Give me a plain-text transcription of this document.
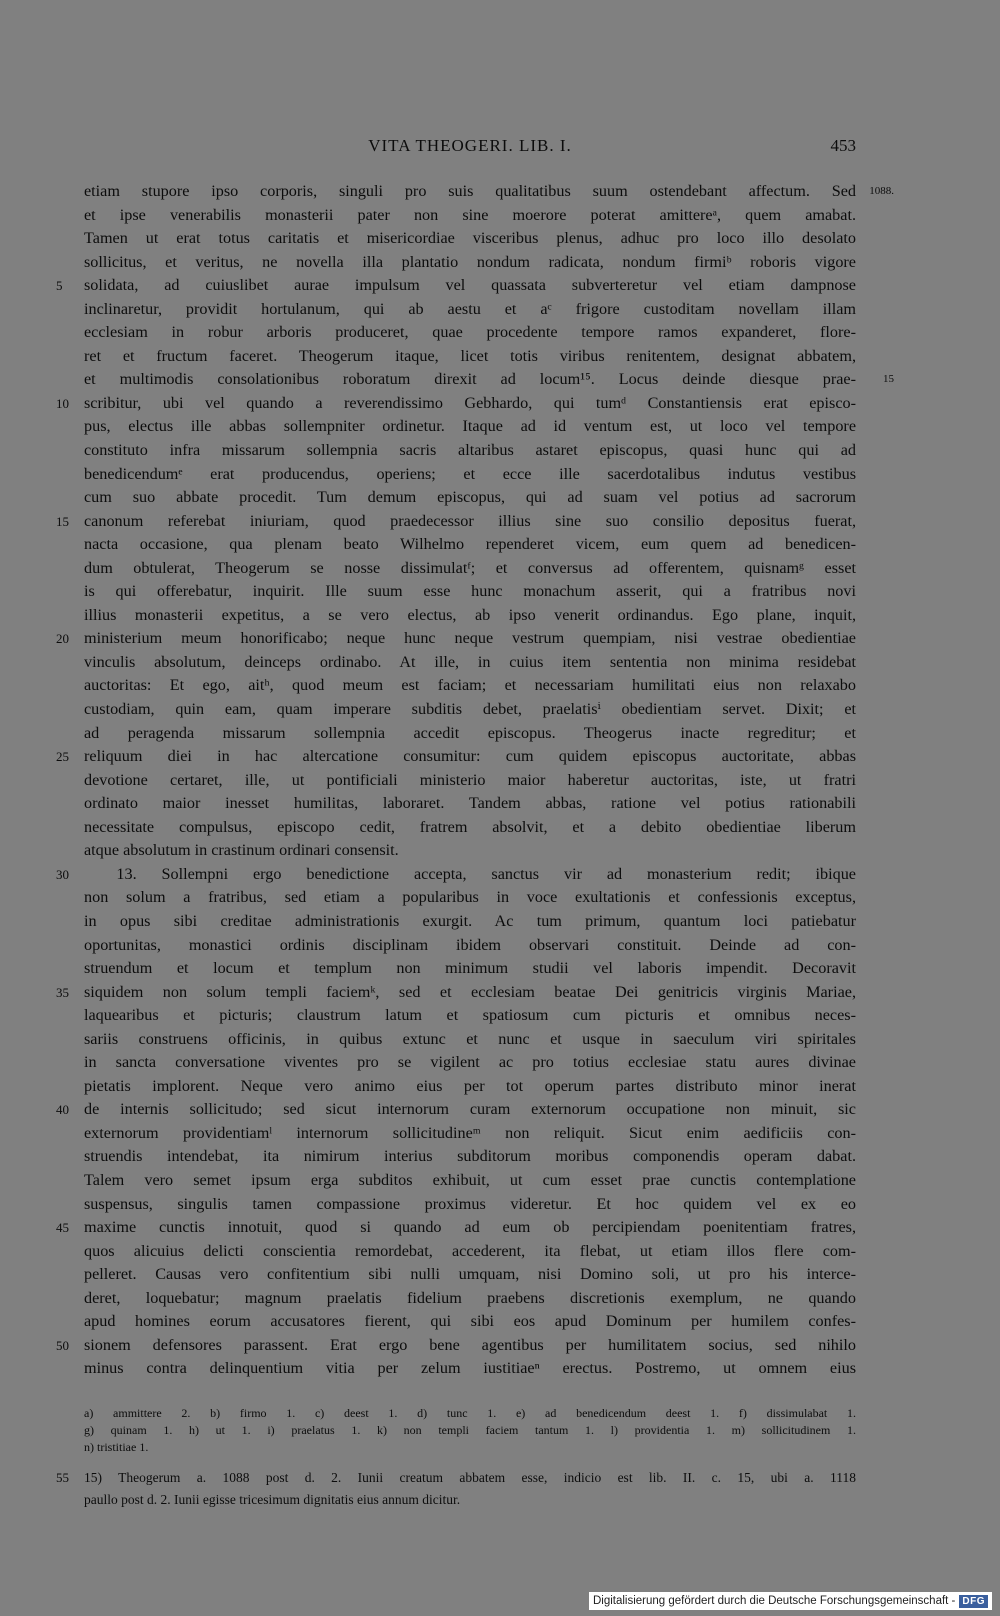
VITA THEOGERI. LIB. I.	453
etiam stupore ipso corporis, singuli pro suis qualitatibus suum ostendebant affectum. Sed 1088.
et ipse venerabilis monasterii pater non sine moerore poterat amittereᵃ, quem amabat.
Tamen ut erat totus caritatis et misericordiae visceribus plenus, adhuc pro loco illo desolato
sollicitus, et veritus, ne novella illa plantatio nondum radicata, nondum firmiᵇ roboris vigore
solidata, ad cuiuslibet aurae impulsum vel quassata subverteretur vel etiam dampnose
5
inclinaretur, providit hortulanum, qui ab aestu et aᶜ frigore custoditam novellam illam
ecclesiam in robur arboris produceret, quae procedente tempore ramos expanderet, flore-
ret et fructum faceret. Theogerum itaque, licet totis viribus renitentem, designat abbatem,
et multimodis consolationibus roboratum direxit ad locum¹⁵. Locus deinde diesque prae- 15
scribitur, ubi vel quando a reverendissimo Gebhardo, qui tumᵈ Constantiensis erat episco-
10
pus, electus ille abbas sollempniter ordinetur. Itaque ad id ventum est, ut loco vel tempore
constituto infra missarum sollempnia sacris altaribus astaret episcopus, quasi hunc qui ad
benedicendumᵉ erat producendus, operiens; et ecce ille sacerdotalibus indutus vestibus
cum suo abbate procedit. Tum demum episcopus, qui ad suam vel potius ad sacrorum
canonum referebat iniuriam, quod praedecessor illius sine suo consilio depositus fuerat,
15
nacta occasione, qua plenam beato Wilhelmo rependeret vicem, eum quem ad benedicen-
dum obtulerat, Theogerum se nosse dissimulatᶠ; et conversus ad offerentem, quisnamᵍ esset
is qui offerebatur, inquirit. Ille suum esse hunc monachum asserit, qui a fratribus novi
illius monasterii expetitus, a se vero electus, ab ipso venerit ordinandus. Ego plane, inquit,
ministerium meum honorificabo; neque hunc neque vestrum quempiam, nisi vestrae obedientiae
20
vinculis absolutum, deinceps ordinabo. At ille, in cuius item sententia non minima residebat
auctoritas: Et ego, aitʰ, quod meum est faciam; et necessariam humilitati eius non relaxabo
custodiam, quin eam, quam imperare subditis debet, praelatisⁱ obedientiam servet. Dixit; et
ad peragenda missarum sollempnia accedit episcopus. Theogerus inacte regreditur; et
reliquum diei in hac altercatione consumitur: cum quidem episcopus auctoritate, abbas
25
devotione certaret, ille, ut pontificiali ministerio maior haberetur auctoritas, iste, ut fratri
ordinato maior inesset humilitas, laboraret. Tandem abbas, ratione vel potius rationabili
necessitate compulsus, episcopo cedit, fratrem absolvit, et a debito obedientiae liberum
atque absolutum in crastinum ordinari consensit.
  13. Sollempni ergo benedictione accepta, sanctus vir ad monasterium redit; ibique
30
non solum a fratribus, sed etiam a popularibus in voce exultationis et confessionis exceptus,
in opus sibi creditae administrationis exurgit. Ac tum primum, quantum loci patiebatur
oportunitas, monastici ordinis disciplinam ibidem observari constituit. Deinde ad con-
struendum et locum et templum non minimum studii vel laboris impendit. Decoravit
siquidem non solum templi faciemᵏ, sed et ecclesiam beatae Dei genitricis virginis Mariae,
35
laquearibus et picturis; claustrum latum et spatiosum cum picturis et omnibus neces-
sariis construens officinis, in quibus extunc et nunc et usque in saeculum viri spiritales
in sancta conversatione viventes pro se vigilent ac pro totius ecclesiae statu aures divinae
pietatis implorent. Neque vero animo eius per tot operum partes distributo minor inerat
de internis sollicitudo; sed sicut internorum curam externorum occupatione non minuit, sic
40
externorum providentiamˡ internorum sollicitudineᵐ non reliquit. Sicut enim aedificiis con-
struendis intendebat, ita nimirum interius subditorum moribus componendis operam dabat.
Talem vero semet ipsum erga subditos exhibuit, ut cum esset prae cunctis contemplatione
suspensus, singulis tamen compassione proximus videretur. Et hoc quidem vel ex eo
maxime cunctis innotuit, quod si quando ad eum ob percipiendam poenitentiam fratres,
45
quos alicuius delicti conscientia remordebat, accederent, ita flebat, ut etiam illos flere com-
pelleret. Causas vero confitentium sibi nulli umquam, nisi Domino soli, ut pro his interce-
deret, loquebatur; magnum praelatis fidelium praebens discretionis exemplum, ne quando
apud homines eorum accusatores fierent, qui sibi eos apud Dominum per humilem confes-
sionem defensores parassent. Erat ergo bene agentibus per humilitatem socius, sed nihilo
50
minus contra delinquentium vitia per zelum iustitiaeⁿ erectus. Postremo, ut omnem eius
a) ammittere 2. b) firmo 1. c) deest 1. d) tunc 1. e) ad benedicendum deest 1. f) dissimulabat 1.
g) quinam 1. h) ut 1. i) praelatus 1. k) non templi faciem tantum 1. l) providentia 1. m) sollicitudinem 1.
n) tristitiae 1.
15) Theogerum a. 1088 post d. 2. Iunii creatum abbatem esse, indicio est lib. II. c. 15, ubi a. 1118
55
paullo post d. 2. Iunii egisse tricesimum dignitatis eius annum dicitur.
Digitalisierung gefördert durch die Deutsche Forschungsgemeinschaft - DFG
